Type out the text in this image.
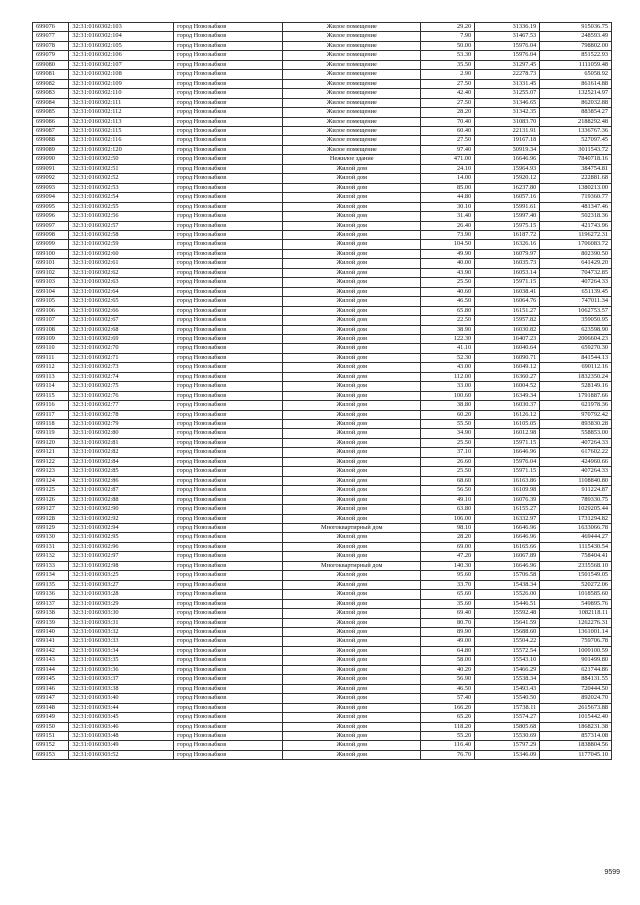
699076	32:31:0160302:103	город Новозыбков	Жилое помещение	29.20	31336.19	915036.75
699077	32:31:0160302:104	город Новозыбков	Жилое помещение	7.90	31467.53	248593.49
699078	32:31:0160302:105	город Новозыбков	Жилое помещение	50.00	15976.04	798802.00
699079	32:31:0160302:106	город Новозыбков	Жилое помещение	53.30	15976.04	851522.93
699080	32:31:0160302:107	город Новозыбков	Жилое помещение	35.50	31297.45	1111059.48
699081	32:31:0160302:108	город Новозыбков	Жилое помещение	2.90	22278.73	65058.92
699082	32:31:0160302:109	город Новозыбков	Жилое помещение	27.50	31331.45	861614.88
699083	32:31:0160302:110	город Новозыбков	Жилое помещение	42.40	31255.07	1325214.97
699084	32:31:0160302:111	город Новозыбков	Жилое помещение	27.50	31346.65	862032.88
699085	32:31:0160302:112	город Новозыбков	Жилое помещение	28.20	31342.35	883854.27
699086	32:31:0160302:113	город Новозыбков	Жилое помещение	70.40	31083.70	2188292.48
699087	32:31:0160302:115	город Новозыбков	Жилое помещение	60.40	22131.91	1336767.36
699088	32:31:0160302:116	город Новозыбков	Жилое помещение	27.50	19167.18	527097.45
699089	32:31:0160302:120	город Новозыбков	Жилое помещение	97.40	30919.34	3011543.72
699090	32:31:0160302:50	город Новозыбков	Нежилое здание	471.00	16646.96	7840718.16
699091	32:31:0160302:51	город Новозыбков	Жилой дом	24.10	15964.93	384754.81
699092	32:31:0160302:52	город Новозыбков	Жилой дом	14.00	15920.12	222881.68
699093	32:31:0160302:53	город Новозыбков	Жилой дом	85.00	16237.80	1380213.00
699094	32:31:0160302:54	город Новозыбков	Жилой дом	44.80	16057.16	719360.77
699095	32:31:0160302:55	город Новозыбков	Жилой дом	30.10	15991.61	481347.46
699096	32:31:0160302:56	город Новозыбков	Жилой дом	31.40	15997.40	502318.36
699097	32:31:0160302:57	город Новозыбков	Жилой дом	26.40	15975.15	421743.96
699098	32:31:0160302:58	город Новозыбков	Жилой дом	73.90	16187.72	1196272.31
699099	32:31:0160302:59	город Новозыбков	Жилой дом	104.50	16326.16	1706083.72
699100	32:31:0160302:60	город Новозыбков	Жилой дом	49.90	16079.97	802390.50
699101	32:31:0160302:61	город Новозыбков	Жилой дом	40.00	16035.73	641429.20
699102	32:31:0160302:62	город Новозыбков	Жилой дом	43.90	16053.14	704732.85
699103	32:31:0160302:63	город Новозыбков	Жилой дом	25.50	15971.15	407264.33
699104	32:31:0160302:64	город Новозыбков	Жилой дом	40.60	16038.41	651139.45
699105	32:31:0160302:65	город Новозыбков	Жилой дом	46.50	16064.76	747011.34
699106	32:31:0160302:66	город Новозыбков	Жилой дом	65.80	16151.27	1062753.57
699107	32:31:0160302:67	город Новозыбков	Жилой дом	22.50	15957.82	359050.95
699108	32:31:0160302:68	город Новозыбков	Жилой дом	38.90	16030.82	623598.90
699109	32:31:0160302:69	город Новозыбков	Жилой дом	122.30	16407.23	2006604.23
699110	32:31:0160302:70	город Новозыбков	Жилой дом	41.10	16040.64	659270.30
699111	32:31:0160302:71	город Новозыбков	Жилой дом	52.30	16090.71	841544.13
699112	32:31:0160302:73	город Новозыбков	Жилой дом	43.00	16049.12	690112.16
699113	32:31:0160302:74	город Новозыбков	Жилой дом	112.00	16360.27	1832350.24
699114	32:31:0160302:75	город Новозыбков	Жилой дом	33.00	16004.52	528149.16
699115	32:31:0160302:76	город Новозыбков	Жилой дом	100.60	16349.34	1791887.66
699116	32:31:0160302:77	город Новозыбков	Жилой дом	38.80	16030.37	621978.36
699117	32:31:0160302:78	город Новозыбков	Жилой дом	60.20	16126.12	970792.42
699118	32:31:0160302:79	город Новозыбков	Жилой дом	55.50	16105.05	893830.28
699119	32:31:0160302:80	город Новозыбков	Жилой дом	34.90	16012.98	558853.00
699120	32:31:0160302:81	город Новозыбков	Жилой дом	25.50	15971.15	407264.33
699121	32:31:0160302:82	город Новозыбков	Жилой дом	37.10	16646.96	617602.22
699122	32:31:0160302:84	город Новозыбков	Жилой дом	26.60	15976.04	424960.66
699123	32:31:0160302:85	город Новозыбков	Жилой дом	25.50	15971.15	407264.33
699124	32:31:0160302:86	город Новозыбков	Жилой дом	68.60	16163.86	1108840.80
699125	32:31:0160302:87	город Новозыбков	Жилой дом	56.50	16109.98	911224.87
699126	32:31:0160302:88	город Новозыбков	Жилой дом	49.10	16076.39	789330.75
699127	32:31:0160302:90	город Новозыбков	Жилой дом	63.80	16155.27	1029205.44
699128	32:31:0160302:92	город Новозыбков	Жилой дом	106.00	16332.97	1731294.82
699129	32:31:0160302:94	город Новозыбков	Многоквартирный дом	98.10	16646.96	1633066.78
699130	32:31:0160302:95	город Новозыбков	Жилой дом	28.20	16646.96	469444.27
699131	32:31:0160302:96	город Новозыбков	Жилой дом	69.00	16165.66	1115430.54
699132	32:31:0160302:97	город Новозыбков	Жилой дом	47.20	16067.89	758404.41
699133	32:31:0160302:98	город Новозыбков	Многоквартирный дом	140.30	16646.96	2335568.10
699134	32:31:0160303:25	город Новозыбков	Жилой дом	95.60	15706.58	1501549.05
699135	32:31:0160303:27	город Новозыбков	Жилой дом	33.70	15438.34	520272.06
699136	32:31:0160303:28	город Новозыбков	Жилой дом	65.60	15526.00	1018585.60
699137	32:31:0160303:29	город Новозыбков	Жилой дом	35.60	15446.51	549895.76
699138	32:31:0160303:30	город Новозыбков	Жилой дом	69.40	15592.48	1082118.11
699139	32:31:0160303:31	город Новозыбков	Жилой дом	80.70	15641.59	1262276.31
699140	32:31:0160303:32	город Новозыбков	Жилой дом	89.90	15688.60	1361001.14
699141	32:31:0160303:33	город Новозыбков	Жилой дом	49.00	15504.22	759706.78
699142	32:31:0160303:34	город Новозыбков	Жилой дом	64.80	15572.54	1009100.59
699143	32:31:0160303:35	город Новозыбков	Жилой дом	58.00	15543.10	901499.80
699144	32:31:0160303:36	город Новозыбков	Жилой дом	40.20	15466.29	621744.86
699145	32:31:0160303:37	город Новозыбков	Жилой дом	56.90	15538.34	884131.55
699146	32:31:0160303:38	город Новозыбков	Жилой дом	46.50	15493.43	720444.50
699147	32:31:0160303:40	город Новозыбков	Жилой дом	57.40	15540.50	892024.70
699148	32:31:0160303:44	город Новозыбков	Жилой дом	166.20	15738.11	2615673.88
699149	32:31:0160303:45	город Новозыбков	Жилой дом	65.20	15574.27	1015442.40
699150	32:31:0160303:46	город Новозыбков	Жилой дом	118.20	15805.68	1868231.38
699151	32:31:0160303:48	город Новозыбков	Жилой дом	55.20	15530.69	857314.08
699152	32:31:0160303:49	город Новозыбков	Жилой дом	116.40	15797.29	1838804.56
699153	32:31:0160303:52	город Новозыбков	Жилой дом	76.70	15346.09	1177045.10
9599
